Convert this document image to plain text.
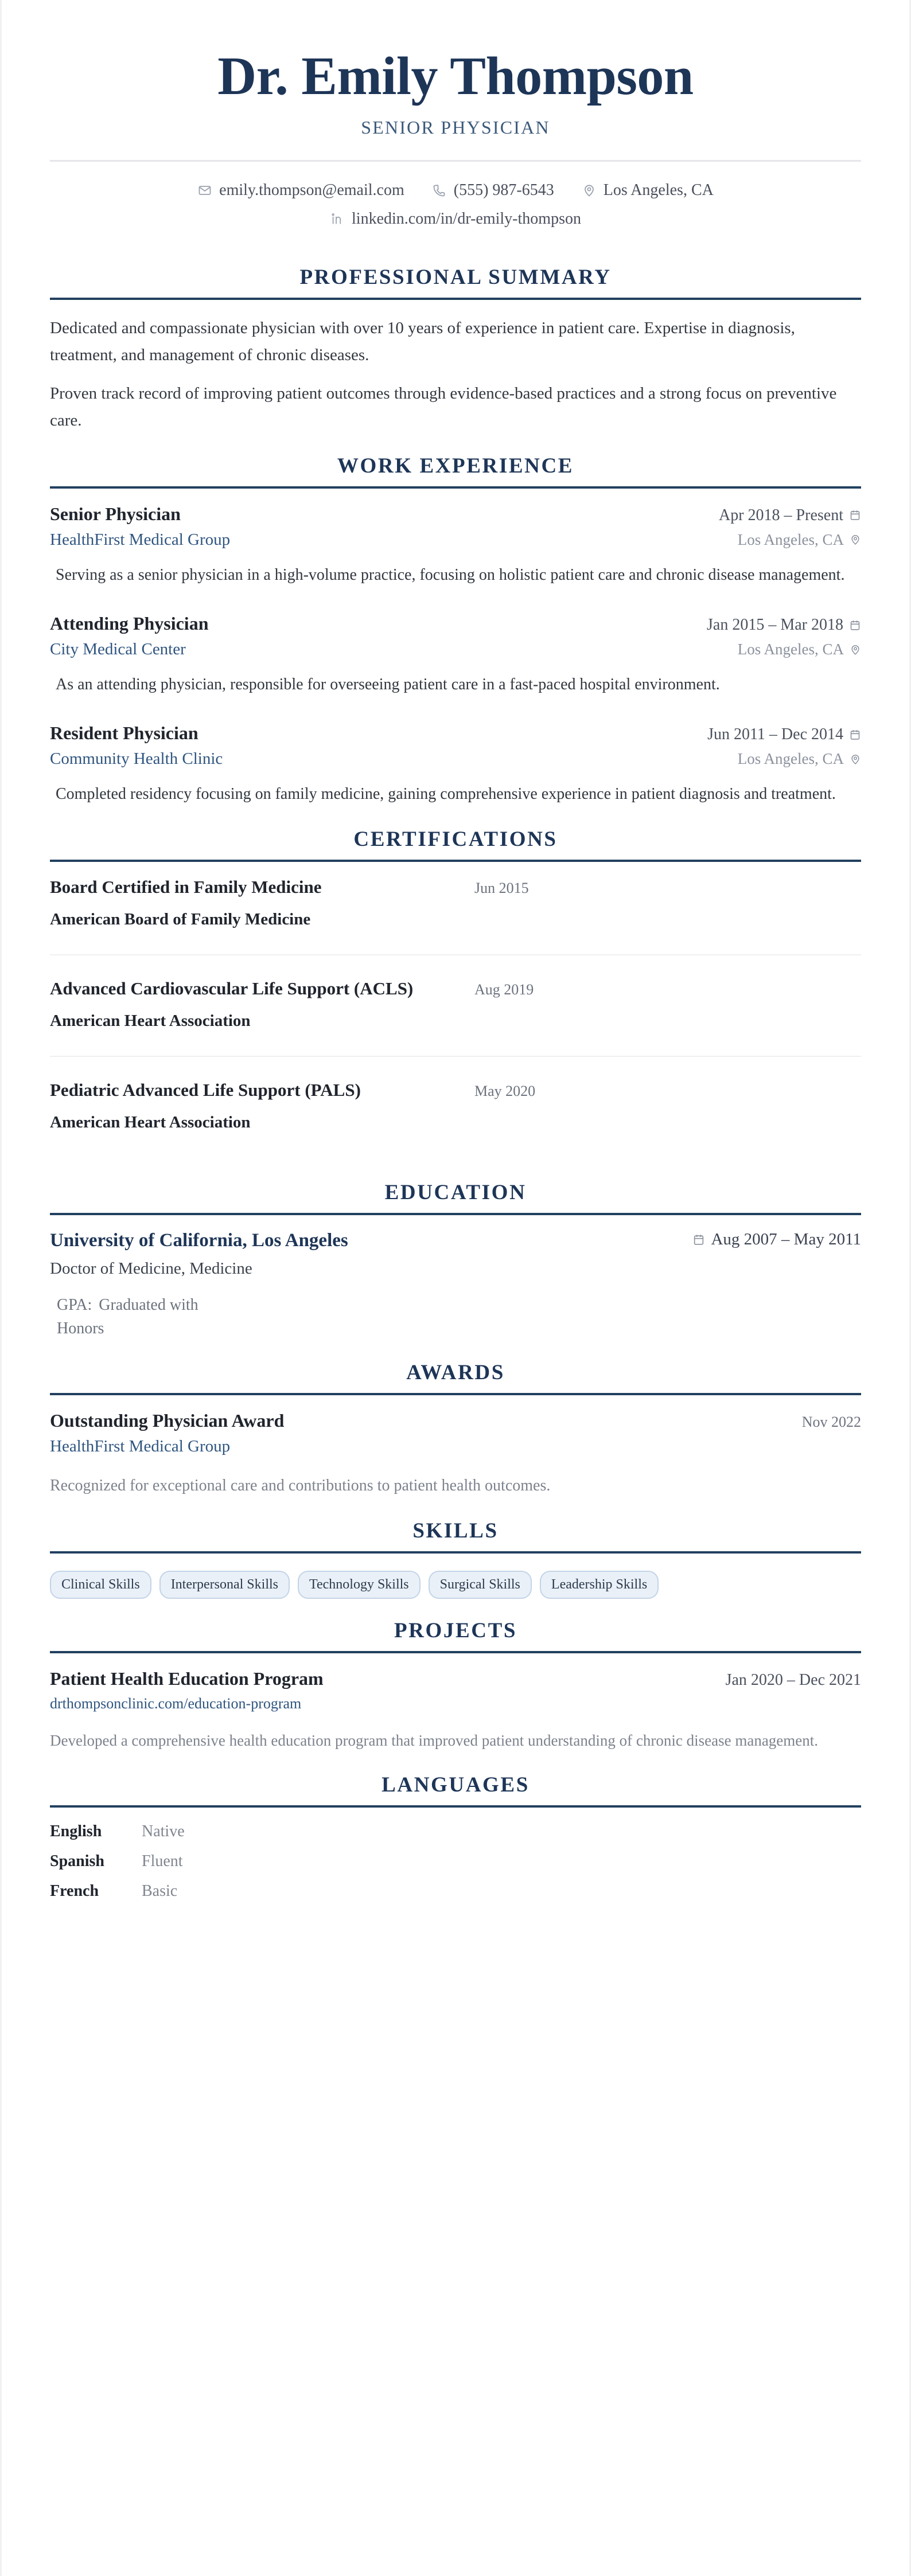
Dr. Emily Thompson
SENIOR PHYSICIAN
emily.thompson@email.com	(555) 987-6543	Los Angeles, CA
linkedin.com/in/dr-emily-thompson
PROFESSIONAL SUMMARY

Dedicated and compassionate physician with over 10 years of experience in patient care. Expertise in diagnosis, treatment, and management of chronic diseases.

Proven track record of improving patient outcomes through evidence-based practices and a strong focus on preventive care.

WORK EXPERIENCE
Senior Physician	Apr 2018 – Present
HealthFirst Medical Group	Los Angeles, CA
Serving as a senior physician in a high-volume practice, focusing on holistic patient care and chronic disease management.
Attending Physician	Jan 2015 – Mar 2018
City Medical Center	Los Angeles, CA
As an attending physician, responsible for overseeing patient care in a fast-paced hospital environment.
Resident Physician	Jun 2011 – Dec 2014
Community Health Clinic	Los Angeles, CA
Completed residency focusing on family medicine, gaining comprehensive experience in patient diagnosis and treatment.
CERTIFICATIONS
Board Certified in Family Medicine	Jun 2015
American Board of Family Medicine
Advanced Cardiovascular Life Support (ACLS)	Aug 2019
American Heart Association
Pediatric Advanced Life Support (PALS)	May 2020
American Heart Association
EDUCATION
University of California, Los Angeles	Aug 2007 – May 2011
Doctor of Medicine, Medicine
GPA: Graduated with Honors
AWARDS
Outstanding Physician Award	Nov 2022
HealthFirst Medical Group
Recognized for exceptional care and contributions to patient health outcomes.
SKILLS
Clinical Skills	Interpersonal Skills	Technology Skills	Surgical Skills	Leadership Skills
PROJECTS
Patient Health Education Program	Jan 2020 – Dec 2021
drthompsonclinic.com/education-program
Developed a comprehensive health education program that improved patient understanding of chronic disease management.
LANGUAGES
English	Native
Spanish	Fluent
French	Basic
